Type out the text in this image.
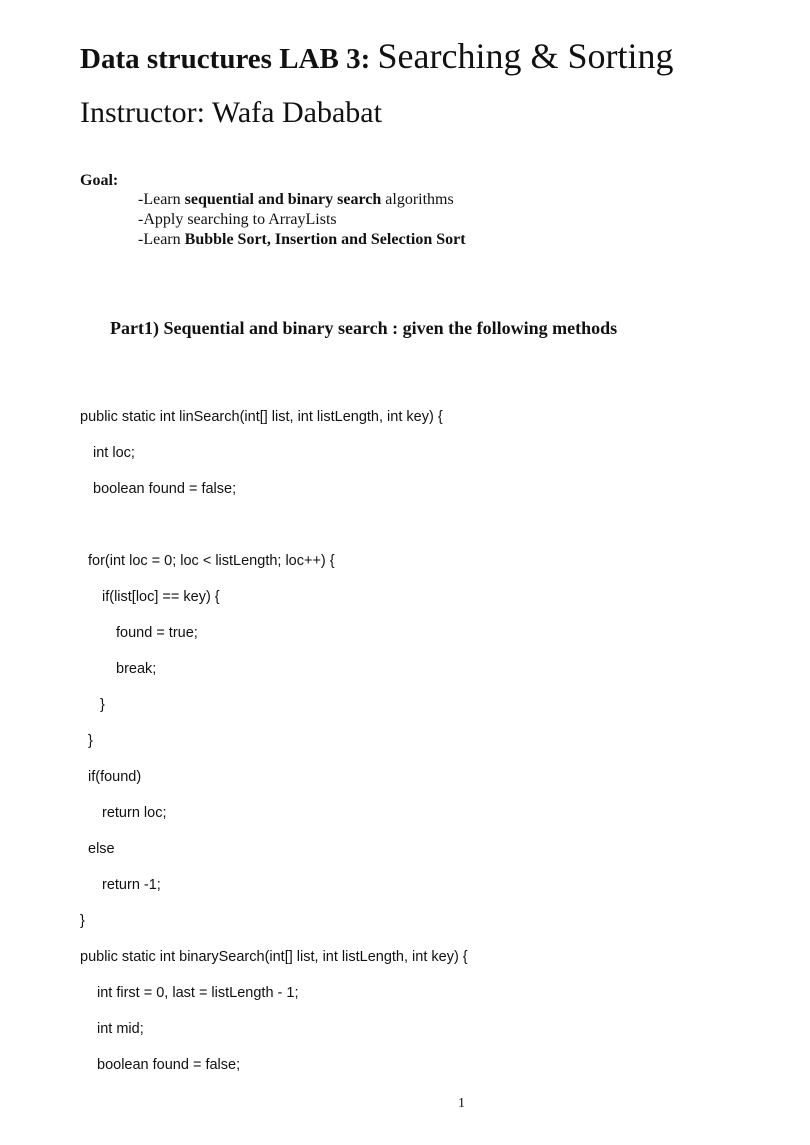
Data structures LAB 3: Searching & Sorting
Instructor: Wafa Dababat
Goal:
-Learn sequential and binary search algorithms
-Apply searching to ArrayLists
-Learn Bubble Sort, Insertion and Selection Sort
Part1) Sequential and binary search : given the following methods
public static int linSearch(int[] list, int listLength, int key) {
int loc;
boolean found = false;
for(int loc = 0; loc < listLength; loc++) {
if(list[loc] == key) {
found = true;
break;
}
}
if(found)
return loc;
else
return -1;
}
public static int binarySearch(int[] list, int listLength, int key) {
int first = 0, last = listLength - 1;
int mid;
boolean found = false;
1
